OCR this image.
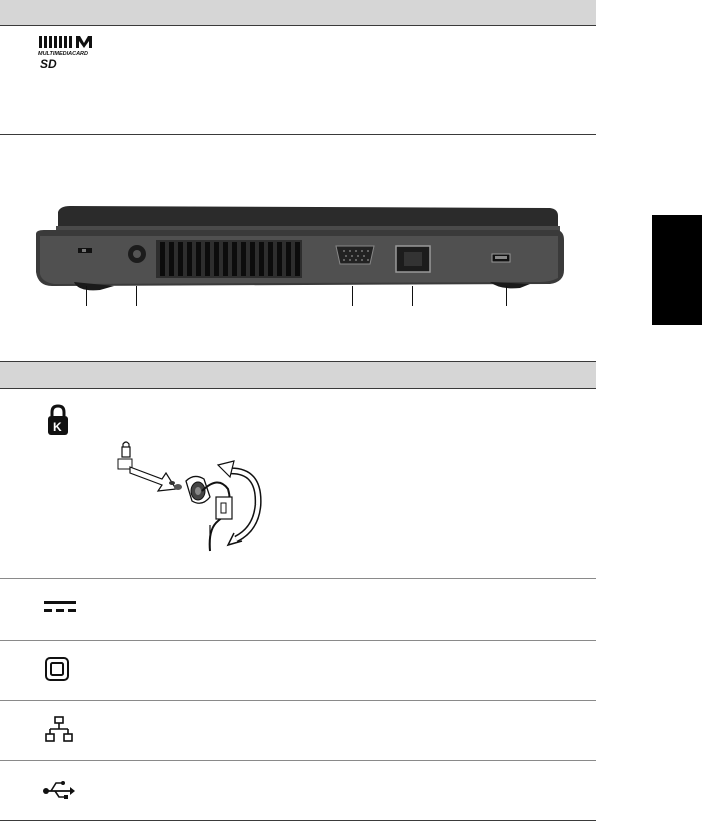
MULTIMEDIACARD
SD
K
